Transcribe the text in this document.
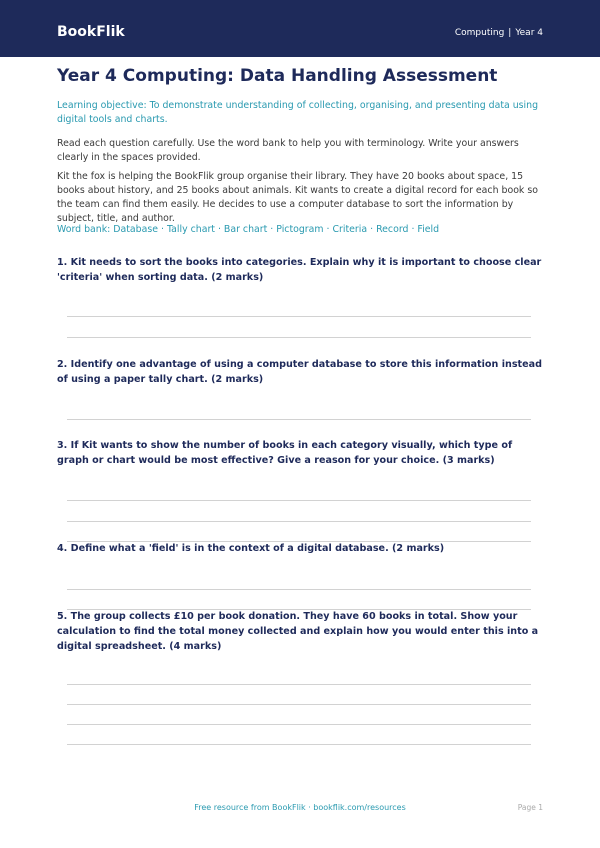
BookFlik	Computing | Year 4
Year 4 Computing: Data Handling Assessment

Learning objective: To demonstrate understanding of collecting, organising, and presenting data using digital tools and charts.

Read each question carefully. Use the word bank to help you with terminology. Write your answers clearly in the spaces provided.

Kit the fox is helping the BookFlik group organise their library. They have 20 books about space, 15 books about history, and 25 books about animals. Kit wants to create a digital record for each book so the team can find them easily. He decides to use a computer database to sort the information by subject, title, and author.

Word bank: Database · Tally chart · Bar chart · Pictogram · Criteria · Record · Field

1. Kit needs to sort the books into categories. Explain why it is important to choose clear 'criteria' when sorting data. (2 marks)

2. Identify one advantage of using a computer database to store this information instead of using a paper tally chart. (2 marks)

3. If Kit wants to show the number of books in each category visually, which type of graph or chart would be most effective? Give a reason for your choice. (3 marks)

4. Define what a 'field' is in the context of a digital database. (2 marks)

5. The group collects £10 per book donation. They have 60 books in total. Show your calculation to find the total money collected and explain how you would enter this into a digital spreadsheet. (4 marks)

Free resource from BookFlik · bookflik.com/resources	Page 1
